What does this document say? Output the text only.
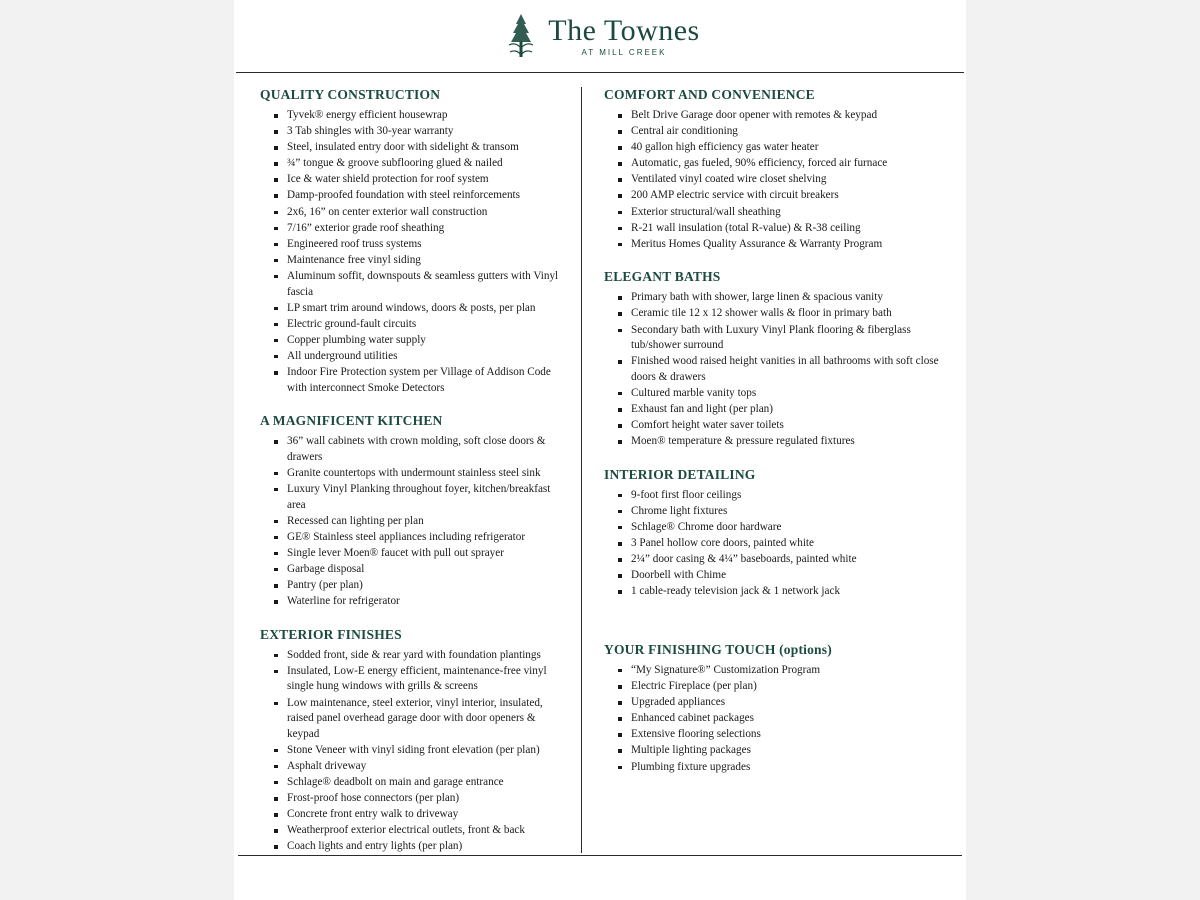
The Townes
AT MILL CREEK
QUALITY CONSTRUCTION
Tyvek® energy efficient housewrap
3 Tab shingles with 30-year warranty
Steel, insulated entry door with sidelight & transom
¾” tongue & groove subflooring glued & nailed
Ice & water shield protection for roof system
Damp-proofed foundation with steel reinforcements
2x6, 16” on center exterior wall construction
7/16” exterior grade roof sheathing
Engineered roof truss systems
Maintenance free vinyl siding
Aluminum soffit, downspouts & seamless gutters with Vinyl fascia
LP smart trim around windows, doors & posts, per plan
Electric ground-fault circuits
Copper plumbing water supply
All underground utilities
Indoor Fire Protection system per Village of Addison Code with interconnect Smoke Detectors
A MAGNIFICENT KITCHEN
36” wall cabinets with crown molding, soft close doors & drawers
Granite countertops with undermount stainless steel sink
Luxury Vinyl Planking throughout foyer, kitchen/breakfast area
Recessed can lighting per plan
GE® Stainless steel appliances including refrigerator
Single lever Moen® faucet with pull out sprayer
Garbage disposal
Pantry (per plan)
Waterline for refrigerator
EXTERIOR FINISHES
Sodded front, side & rear yard with foundation plantings
Insulated, Low-E energy efficient, maintenance-free vinyl single hung windows with grills & screens
Low maintenance, steel exterior, vinyl interior, insulated, raised panel overhead garage door with door openers & keypad
Stone Veneer with vinyl siding front elevation (per plan)
Asphalt driveway
Schlage® deadbolt on main and garage entrance
Frost-proof hose connectors (per plan)
Concrete front entry walk to driveway
Weatherproof exterior electrical outlets, front & back
Coach lights and entry lights (per plan)
COMFORT AND CONVENIENCE
Belt Drive Garage door opener with remotes & keypad
Central air conditioning
40 gallon high efficiency gas water heater
Automatic, gas fueled, 90% efficiency, forced air furnace
Ventilated vinyl coated wire closet shelving
200 AMP electric service with circuit breakers
Exterior structural/wall sheathing
R-21 wall insulation (total R-value) & R-38 ceiling
Meritus Homes Quality Assurance & Warranty Program
ELEGANT BATHS
Primary bath with shower, large linen & spacious vanity
Ceramic tile 12 x 12 shower walls & floor in primary bath
Secondary bath with Luxury Vinyl Plank flooring & fiberglass tub/shower surround
Finished wood raised height vanities in all bathrooms with soft close doors & drawers
Cultured marble vanity tops
Exhaust fan and light (per plan)
Comfort height water saver toilets
Moen® temperature & pressure regulated fixtures
INTERIOR DETAILING
9-foot first floor ceilings
Chrome light fixtures
Schlage® Chrome door hardware
3 Panel hollow core doors, painted white
2¼” door casing & 4¼” baseboards, painted white
Doorbell with Chime
1 cable-ready television jack & 1 network jack
YOUR FINISHING TOUCH (options)
“My Signature®” Customization Program
Electric Fireplace (per plan)
Upgraded appliances
Enhanced cabinet packages
Extensive flooring selections
Multiple lighting packages
Plumbing fixture upgrades
